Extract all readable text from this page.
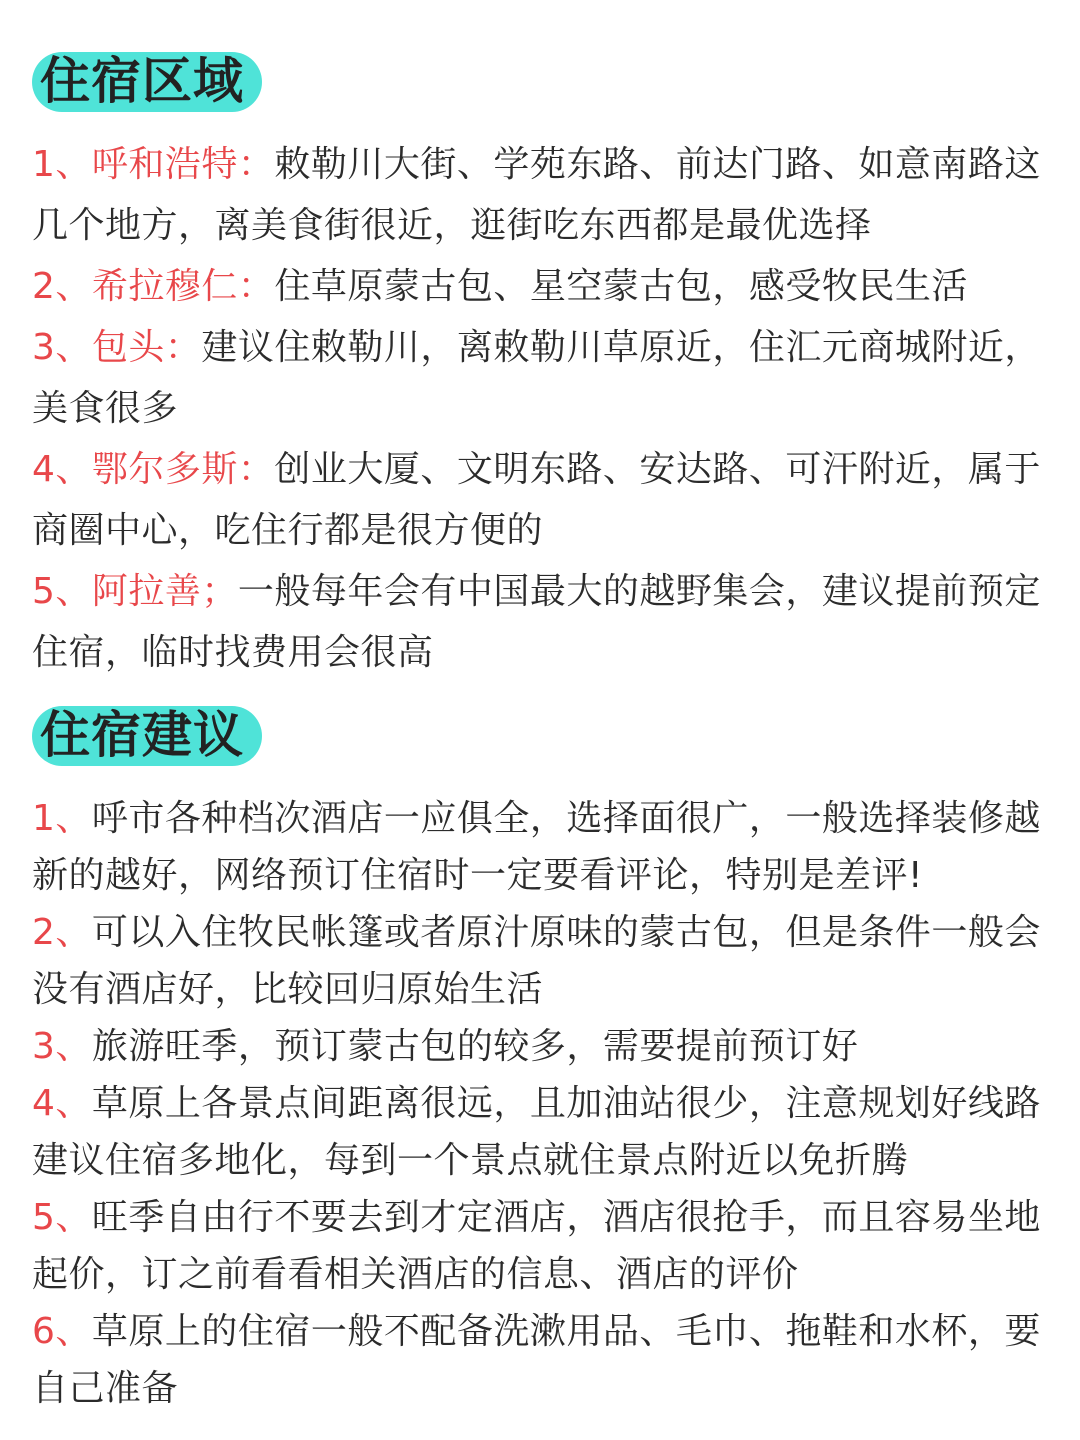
住宿区域
1、呼和浩特：敕勒川大街、学苑东路、前达门路、如意南路这几个地方，离美食街很近，逛街吃东西都是最优选择
2、希拉穆仁：住草原蒙古包、星空蒙古包，感受牧民生活
3、包头：建议住敕勒川，离敕勒川草原近，住汇元商城附近，美食很多
4、鄂尔多斯：创业大厦、文明东路、安达路、可汗附近，属于商圈中心，吃住行都是很方便的
5、阿拉善；一般每年会有中国最大的越野集会，建议提前预定住宿，临时找费用会很高
住宿建议
1、呼市各种档次酒店一应俱全，选择面很广，一般选择装修越新的越好，网络预订住宿时一定要看评论，特别是差评!
2、可以入住牧民帐篷或者原汁原味的蒙古包，但是条件一般会没有酒店好，比较回归原始生活
3、旅游旺季，预订蒙古包的较多，需要提前预订好
4、草原上各景点间距离很远，且加油站很少，注意规划好线路建议住宿多地化，每到一个景点就住景点附近以免折腾
5、旺季自由行不要去到才定酒店，酒店很抢手，而且容易坐地起价，订之前看看相关酒店的信息、酒店的评价
6、草原上的住宿一般不配备洗漱用品、毛巾、拖鞋和水杯，要自己准备
